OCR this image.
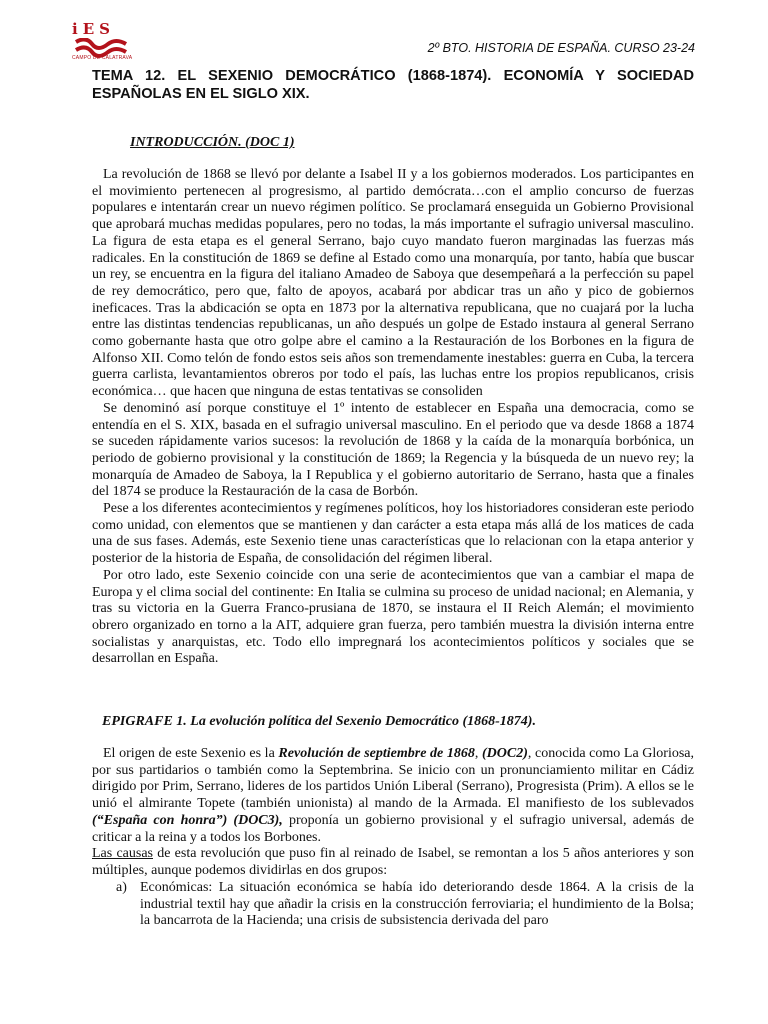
iES
CAMPO DE CALATRAVA
2º BTO. HISTORIA DE ESPAÑA. CURSO 23-24
TEMA 12. EL SEXENIO DEMOCRÁTICO (1868-1874). ECONOMÍA Y SOCIEDAD ESPAÑOLAS EN EL SIGLO XIX.
INTRODUCCIÓN. (DOC 1)

La revolución de 1868 se llevó por delante a Isabel II y a los gobiernos moderados. Los participantes en el movimiento pertenecen al progresismo, al partido demócrata…con el amplio concurso de fuerzas populares e intentarán crear un nuevo régimen político. Se proclamará enseguida un Gobierno Provisional que aprobará muchas medidas populares, pero no todas, la más importante el sufragio universal masculino. La figura de esta etapa es el general Serrano, bajo cuyo mandato fueron marginadas las fuerzas más radicales. En la constitución de 1869 se define al Estado como una monarquía, por tanto, había que buscar un rey, se encuentra en la figura del italiano Amadeo de Saboya que desempeñará a la perfección su papel de rey democrático, pero que, falto de apoyos, acabará por abdicar tras un año y pico de gobiernos ineficaces. Tras la abdicación se opta en 1873 por la alternativa republicana, que no cuajará por la lucha entre las distintas tendencias republicanas, un año después un golpe de Estado instaura al general Serrano como gobernante hasta que otro golpe abre el camino a la Restauración de los Borbones en la figura de Alfonso XII. Como telón de fondo estos seis años son tremendamente inestables: guerra en Cuba, la tercera guerra carlista, levantamientos obreros por todo el país, las luchas entre los propios republicanos, crisis económica… que hacen que ninguna de estas tentativas se consoliden

Se denominó así porque constituye el 1º intento de establecer en España una democracia, como se entendía en el S. XIX, basada en el sufragio universal masculino. En el periodo que va desde 1868 a 1874 se suceden rápidamente varios sucesos: la revolución de 1868 y la caída de la monarquía borbónica, un periodo de gobierno provisional y la constitución de 1869; la Regencia y la búsqueda de un nuevo rey; la monarquía de Amadeo de Saboya, la I Republica y el gobierno autoritario de Serrano, hasta que a finales del 1874 se produce la Restauración de la casa de Borbón.

Pese a los diferentes acontecimientos y regímenes políticos, hoy los historiadores consideran este periodo como unidad, con elementos que se mantienen y dan carácter a esta etapa más allá de los matices de cada una de sus fases. Además, este Sexenio tiene unas características que lo relacionan con la etapa anterior y posterior de la historia de España, de consolidación del régimen liberal.

Por otro lado, este Sexenio coincide con una serie de acontecimientos que van a cambiar el mapa de Europa y el clima social del continente: En Italia se culmina su proceso de unidad nacional; en Alemania, y tras su victoria en la Guerra Franco-prusiana de 1870, se instaura el II Reich Alemán; el movimiento obrero organizado en torno a la AIT, adquiere gran fuerza, pero también muestra la división interna entre socialistas y anarquistas, etc. Todo ello impregnará los acontecimientos políticos y sociales que se desarrollan en España.

EPIGRAFE 1. La evolución política del Sexenio Democrático (1868-1874).

El origen de este Sexenio es la Revolución de septiembre de 1868, (DOC2), conocida como La Gloriosa, por sus partidarios o también como la Septembrina. Se inicio con un pronunciamiento militar en Cádiz dirigido por Prim, Serrano, lideres de los partidos Unión Liberal (Serrano), Progresista (Prim). A ellos se le unió el almirante Topete (también unionista) al mando de la Armada. El manifiesto de los sublevados (“España con honra”) (DOC3), proponía un gobierno provisional y el sufragio universal, además de criticar a la reina y a todos los Borbones.

Las causas de esta revolución que puso fin al reinado de Isabel, se remontan a los 5 años anteriores y son múltiples, aunque podemos dividirlas en dos grupos:

a) Económicas: La situación económica se había ido deteriorando desde 1864. A la crisis de la industrial textil hay que añadir la crisis en la construcción ferroviaria; el hundimiento de la Bolsa; la bancarrota de la Hacienda; una crisis de subsistencia derivada del paro
